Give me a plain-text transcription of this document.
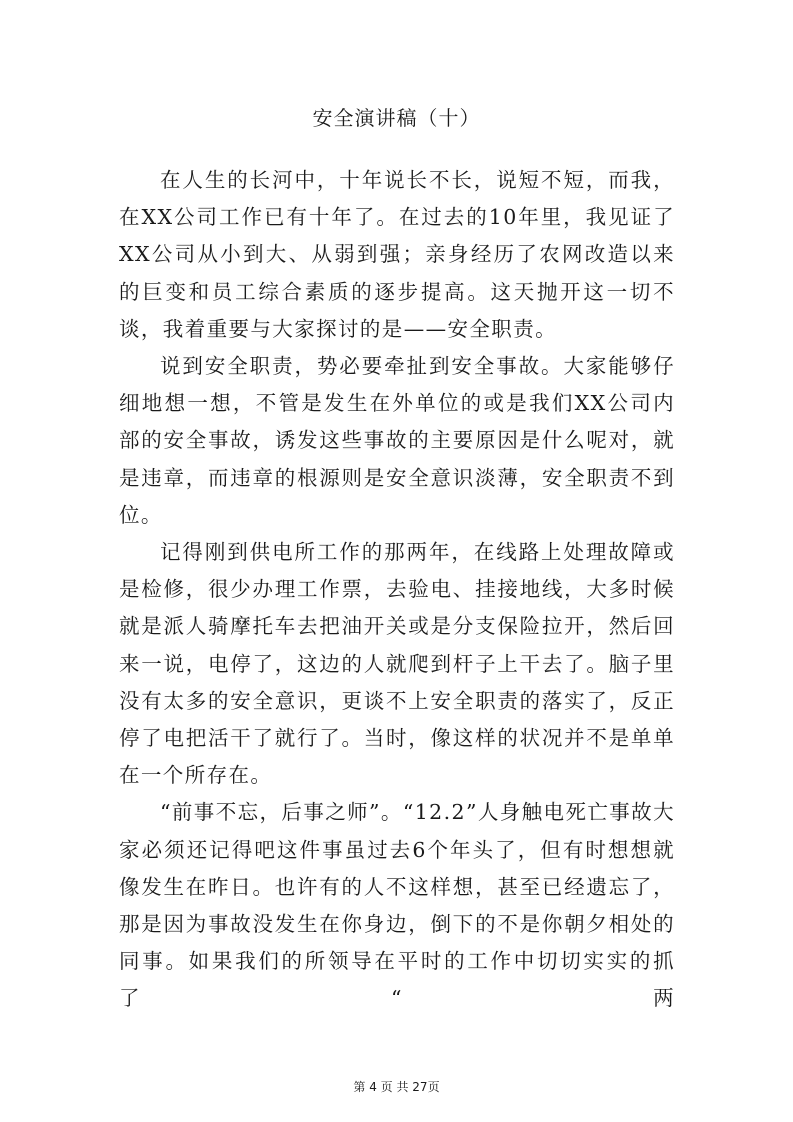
安全演讲稿（十）

在人生的长河中，十年说长不长，说短不短，而我，在XX公司工作已有十年了。在过去的10年里，我见证了XX公司从小到大、从弱到强；亲身经历了农网改造以来的巨变和员工综合素质的逐步提高。这天抛开这一切不谈，我着重要与大家探讨的是——安全职责。

说到安全职责，势必要牵扯到安全事故。大家能够仔细地想一想，不管是发生在外单位的或是我们XX公司内部的安全事故，诱发这些事故的主要原因是什么呢对，就是违章，而违章的根源则是安全意识淡薄，安全职责不到位。

记得刚到供电所工作的那两年，在线路上处理故障或是检修，很少办理工作票，去验电、挂接地线，大多时候就是派人骑摩托车去把油开关或是分支保险拉开，然后回来一说，电停了，这边的人就爬到杆子上干去了。脑子里没有太多的安全意识，更谈不上安全职责的落实了，反正停了电把活干了就行了。当时，像这样的状况并不是单单在一个所存在。

“前事不忘，后事之师”。“12.2”人身触电死亡事故大家必须还记得吧这件事虽过去6个年头了，但有时想想就像发生在昨日。也许有的人不这样想，甚至已经遗忘了，那是因为事故没发生在你身边，倒下的不是你朝夕相处的同事。如果我们的所领导在平时的工作中切切实实的抓了“两

第 4 页 共 27页
